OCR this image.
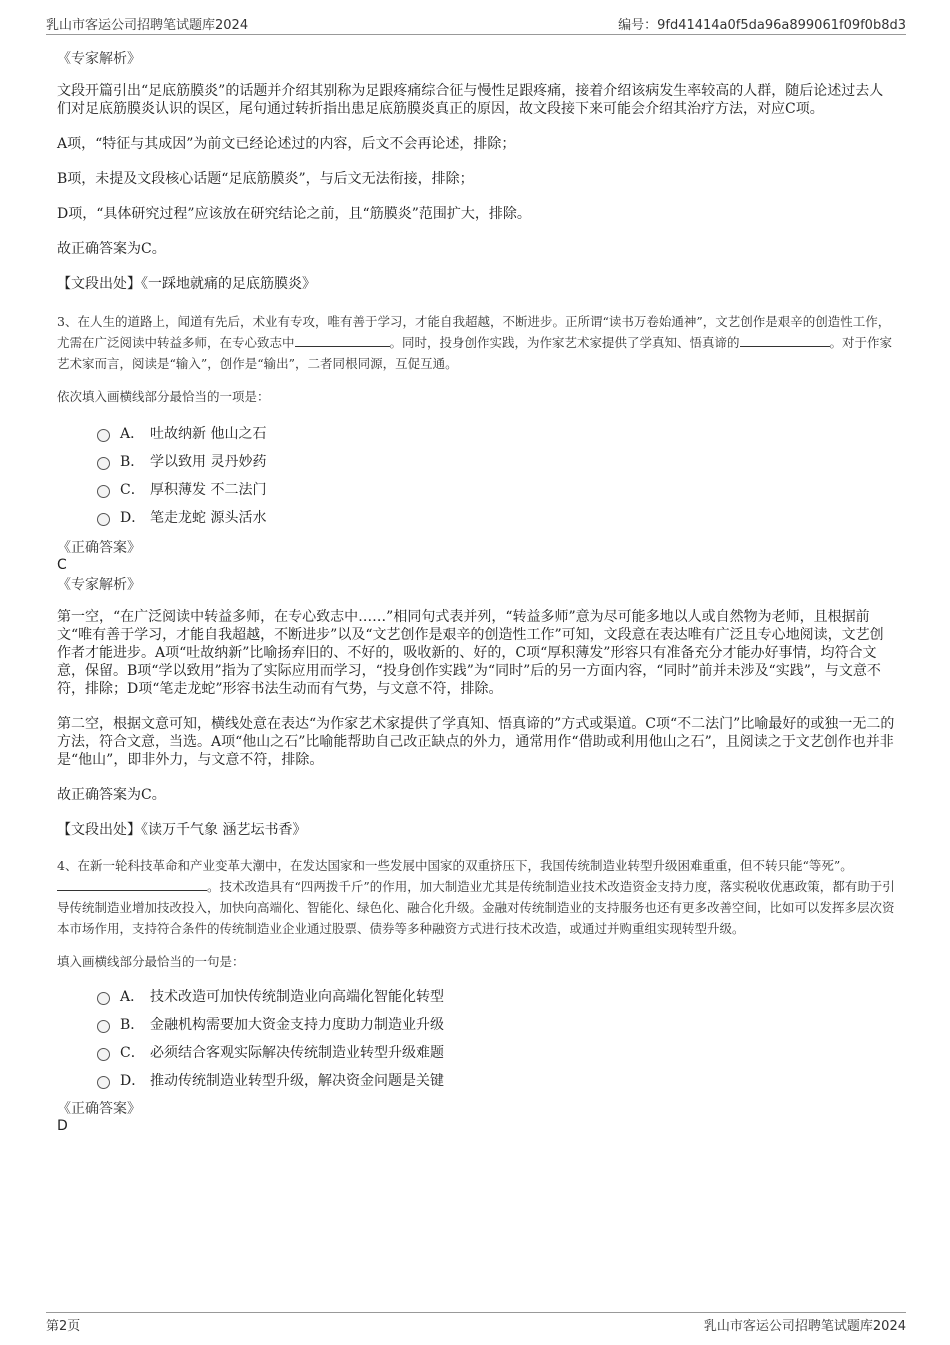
乳山市客运公司招聘笔试题库2024	编号：9fd41414a0f5da96a899061f09f0b8d3

《专家解析》

文段开篇引出“足底筋膜炎”的话题并介绍其别称为足跟疼痛综合征与慢性足跟疼痛，接着介绍该病发生率较高的人群，随后论述过去人们对足底筋膜炎认识的误区，尾句通过转折指出患足底筋膜炎真正的原因，故文段接下来可能会介绍其治疗方法，对应C项。

A项，“特征与其成因”为前文已经论述过的内容，后文不会再论述，排除；

B项，未提及文段核心话题“足底筋膜炎”，与后文无法衔接，排除；

D项，“具体研究过程”应该放在研究结论之前，且“筋膜炎”范围扩大，排除。

故正确答案为C。

【文段出处】《一踩地就痛的足底筋膜炎》

3、在人生的道路上，闻道有先后，术业有专攻，唯有善于学习，才能自我超越，不断进步。正所谓“读书万卷始通神”，文艺创作是艰辛的创造性工作，尤需在广泛阅读中转益多师，在专心致志中	。同时，投身创作实践，为作家艺术家提供了学真知、悟真谛的	。对于作家艺术家而言，阅读是“输入”，创作是“输出”，二者同根同源，互促互通。

依次填入画横线部分最恰当的一项是：

A． 吐故纳新 他山之石
B． 学以致用 灵丹妙药
C． 厚积薄发 不二法门
D． 笔走龙蛇 源头活水

《正确答案》

C

《专家解析》

第一空，“在广泛阅读中转益多师，在专心致志中……”相同句式表并列，“转益多师”意为尽可能多地以人或自然物为老师，且根据前文“唯有善于学习，才能自我超越，不断进步”以及“文艺创作是艰辛的创造性工作”可知，文段意在表达唯有广泛且专心地阅读，文艺创作者才能进步。A项“吐故纳新”比喻扬弃旧的、不好的，吸收新的、好的，C项“厚积薄发”形容只有准备充分才能办好事情，均符合文意，保留。B项“学以致用”指为了实际应用而学习，“投身创作实践”为“同时”后的另一方面内容，“同时”前并未涉及“实践”，与文意不符，排除；D项“笔走龙蛇”形容书法生动而有气势，与文意不符，排除。

第二空，根据文意可知，横线处意在表达“为作家艺术家提供了学真知、悟真谛的”方式或渠道。C项“不二法门”比喻最好的或独一无二的方法，符合文意，当选。A项“他山之石”比喻能帮助自己改正缺点的外力，通常用作“借助或利用他山之石”，且阅读之于文艺创作也并非是“他山”，即非外力，与文意不符，排除。

故正确答案为C。

【文段出处】《读万千气象 涵艺坛书香》

4、在新一轮科技革命和产业变革大潮中，在发达国家和一些发展中国家的双重挤压下，我国传统制造业转型升级困难重重，但不转只能“等死”。。技术改造具有“四两拨千斤”的作用，加大制造业尤其是传统制造业技术改造资金支持力度，落实税收优惠政策，都有助于引导传统制造业增加技改投入，加快向高端化、智能化、绿色化、融合化升级。金融对传统制造业的支持服务也还有更多改善空间，比如可以发挥多层次资本市场作用，支持符合条件的传统制造业企业通过股票、债券等多种融资方式进行技术改造，或通过并购重组实现转型升级。

填入画横线部分最恰当的一句是：

A． 技术改造可加快传统制造业向高端化智能化转型
B． 金融机构需要加大资金支持力度助力制造业升级
C． 必须结合客观实际解决传统制造业转型升级难题
D． 推动传统制造业转型升级，解决资金问题是关键

《正确答案》

D

第2页	乳山市客运公司招聘笔试题库2024
